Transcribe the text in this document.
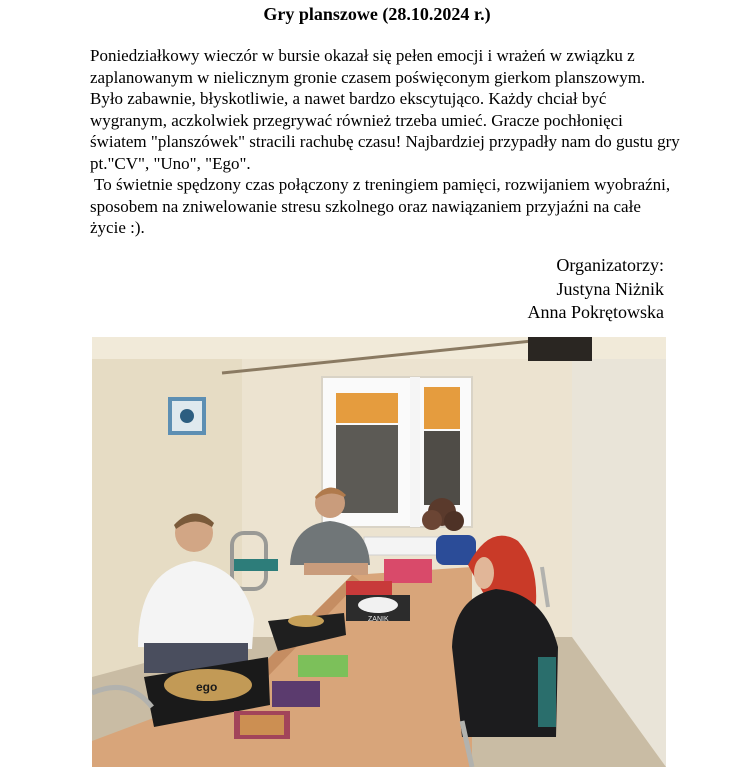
Gry planszowe (28.10.2024 r.)

Poniedziałkowy wieczór w bursie okazał się pełen emocji i wrażeń w związku z zaplanowanym w nielicznym gronie czasem poświęconym gierkom planszowym. Było zabawnie, błyskotliwie, a nawet bardzo ekscytująco. Każdy chciał być wygranym, aczkolwiek przegrywać również trzeba umieć. Gracze pochłonięci światem "planszówek" stracili rachubę czasu! Najbardziej przypadły nam do gustu gry pt."CV", "Uno", "Ego".

To świetnie spędzony czas połączony z treningiem pamięci, rozwijaniem wyobraźni, sposobem na zniwelowanie stresu szkolnego oraz nawiązaniem przyjaźni na całe życie :).

Organizatorzy:
Justyna Niżnik
Anna Pokrętowska
ZANIK
ego
